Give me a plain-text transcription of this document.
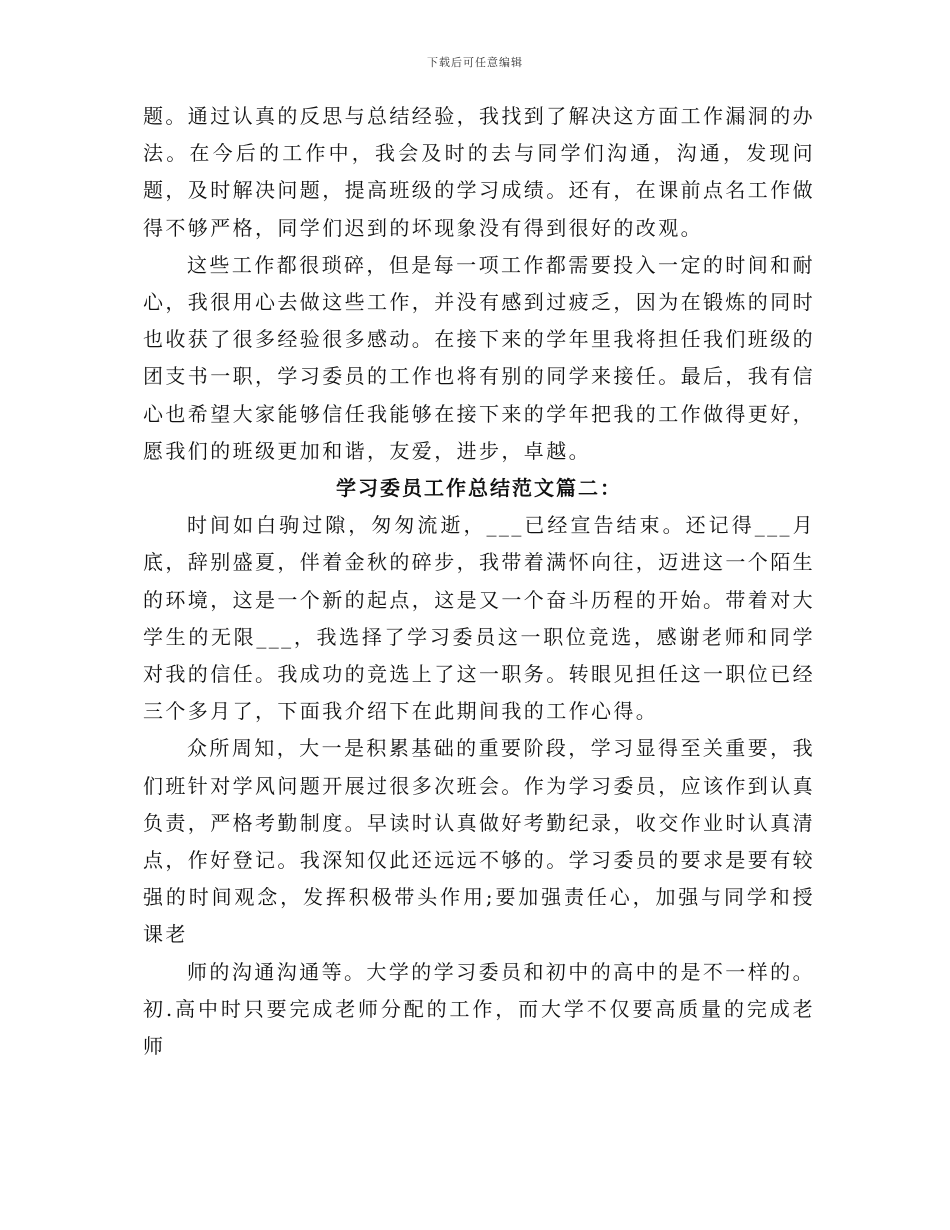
下载后可任意编辑

题。通过认真的反思与总结经验，我找到了解决这方面工作漏洞的办法。在今后的工作中，我会及时的去与同学们沟通，沟通，发现问题，及时解决问题，提高班级的学习成绩。还有，在课前点名工作做得不够严格，同学们迟到的坏现象没有得到很好的改观。

这些工作都很琐碎，但是每一项工作都需要投入一定的时间和耐心，我很用心去做这些工作，并没有感到过疲乏，因为在锻炼的同时也收获了很多经验很多感动。在接下来的学年里我将担任我们班级的团支书一职，学习委员的工作也将有别的同学来接任。最后，我有信心也希望大家能够信任我能够在接下来的学年把我的工作做得更好，愿我们的班级更加和谐，友爱，进步，卓越。

学习委员工作总结范文篇二：

时间如白驹过隙，匆匆流逝，___已经宣告结束。还记得___月底，辞别盛夏，伴着金秋的碎步，我带着满怀向往，迈进这一个陌生的环境，这是一个新的起点，这是又一个奋斗历程的开始。带着对大学生的无限___，我选择了学习委员这一职位竞选，感谢老师和同学对我的信任。我成功的竞选上了这一职务。转眼见担任这一职位已经三个多月了，下面我介绍下在此期间我的工作心得。

众所周知，大一是积累基础的重要阶段，学习显得至关重要，我们班针对学风问题开展过很多次班会。作为学习委员，应该作到认真负责，严格考勤制度。早读时认真做好考勤纪录，收交作业时认真清点，作好登记。我深知仅此还远远不够的。学习委员的要求是要有较强的时间观念，发挥积极带头作用;要加强责任心，加强与同学和授课老

师的沟通沟通等。大学的学习委员和初中的高中的是不一样的。初.高中时只要完成老师分配的工作，而大学不仅要高质量的完成老师
